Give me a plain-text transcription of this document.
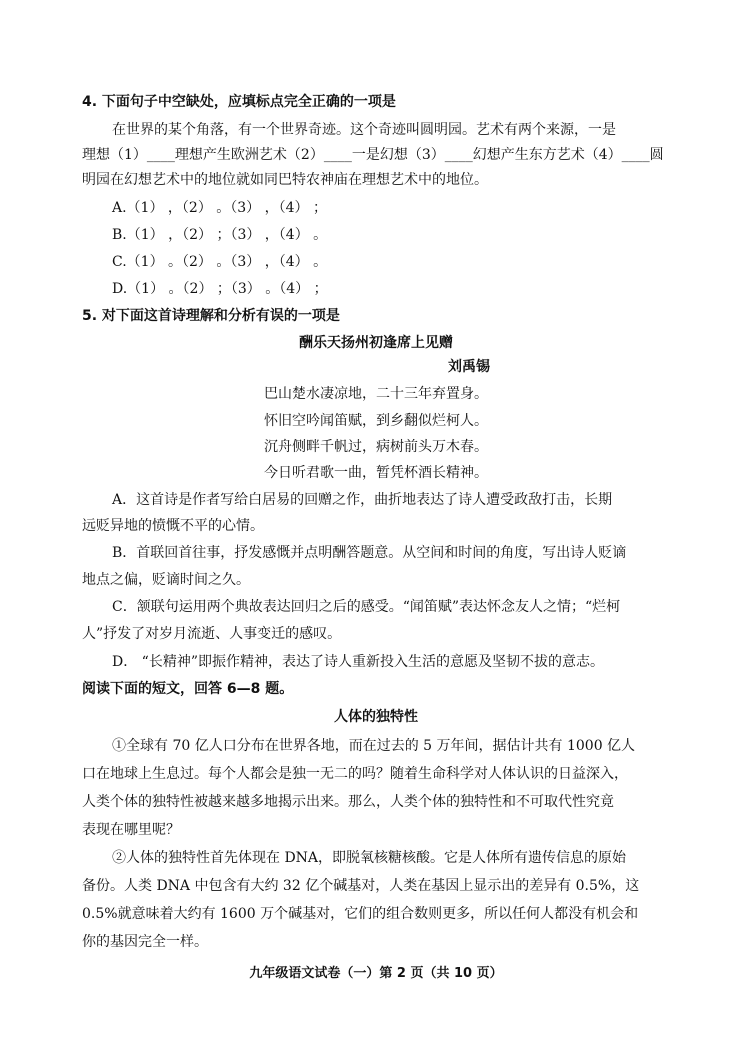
4. 下面句子中空缺处，应填标点完全正确的一项是
在世界的某个角落，有一个世界奇迹。这个奇迹叫圆明园。艺术有两个来源，一是
理想（1）____理想产生欧洲艺术（2）____一是幻想（3）____幻想产生东方艺术（4）____圆
明园在幻想艺术中的地位就如同巴特农神庙在理想艺术中的地位。
A.（1） ，（2） 。（3） ，（4） ；
B.（1） ，（2） ；（3） ，（4） 。
C.（1） 。（2） 。（3） ，（4） 。
D.（1） 。（2） ；（3） 。（4） ；
5. 对下面这首诗理解和分析有误的一项是
酬乐天扬州初逢席上见赠
刘禹锡
巴山楚水凄凉地，二十三年弃置身。
怀旧空吟闻笛赋，到乡翻似烂柯人。
沉舟侧畔千帆过，病树前头万木春。
今日听君歌一曲，暂凭杯酒长精神。
A．这首诗是作者写给白居易的回赠之作，曲折地表达了诗人遭受政敌打击，长期
远贬异地的愤慨不平的心情。
B．首联回首往事，抒发感慨并点明酬答题意。从空间和时间的角度，写出诗人贬谪
地点之偏，贬谪时间之久。
C．颔联句运用两个典故表达回归之后的感受。“闻笛赋”表达怀念友人之情；“烂柯
人”抒发了对岁月流逝、人事变迁的感叹。
D． “长精神”即振作精神，表达了诗人重新投入生活的意愿及坚韧不拔的意志。
阅读下面的短文，回答 6—8 题。
人体的独特性
①全球有 70 亿人口分布在世界各地，而在过去的 5 万年间，据估计共有 1000 亿人
口在地球上生息过。每个人都会是独一无二的吗？随着生命科学对人体认识的日益深入，
人类个体的独特性被越来越多地揭示出来。那么，人类个体的独特性和不可取代性究竟
表现在哪里呢？
②人体的独特性首先体现在 DNA，即脱氧核糖核酸。它是人体所有遗传信息的原始
备份。人类 DNA 中包含有大约 32 亿个碱基对，人类在基因上显示出的差异有 0.5%，这
0.5%就意味着大约有 1600 万个碱基对，它们的组合数则更多，所以任何人都没有机会和
你的基因完全一样。
九年级语文试卷（一）第 2 页（共 10 页）
